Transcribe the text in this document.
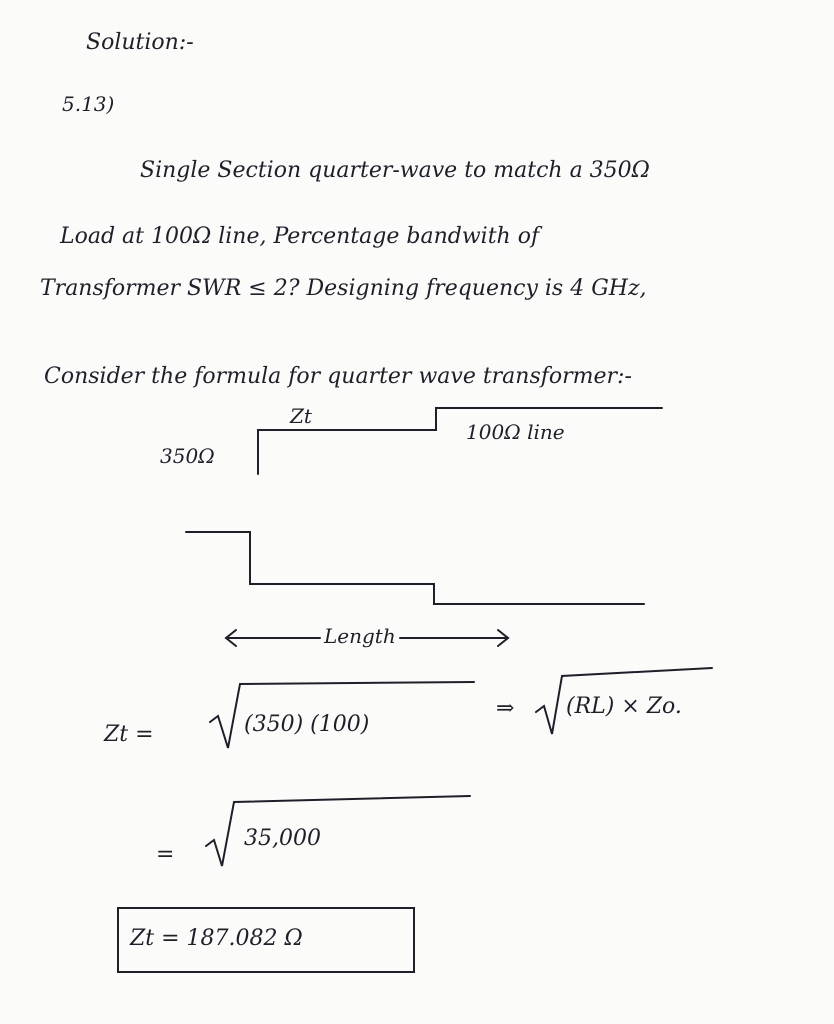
Solution:-
5.13)
Single Section quarter-wave to match a 350Ω
Load at 100Ω line, Percentage bandwith of
Transformer SWR ≤ 2? Designing frequency is 4 GHz,
Consider the formula for quarter wave transformer:-
Zt
350Ω
100Ω line
Length
Zt =	(350) (100)
⇒ (RL) × Zo.
=
35,000
Zt = 187.082 Ω
